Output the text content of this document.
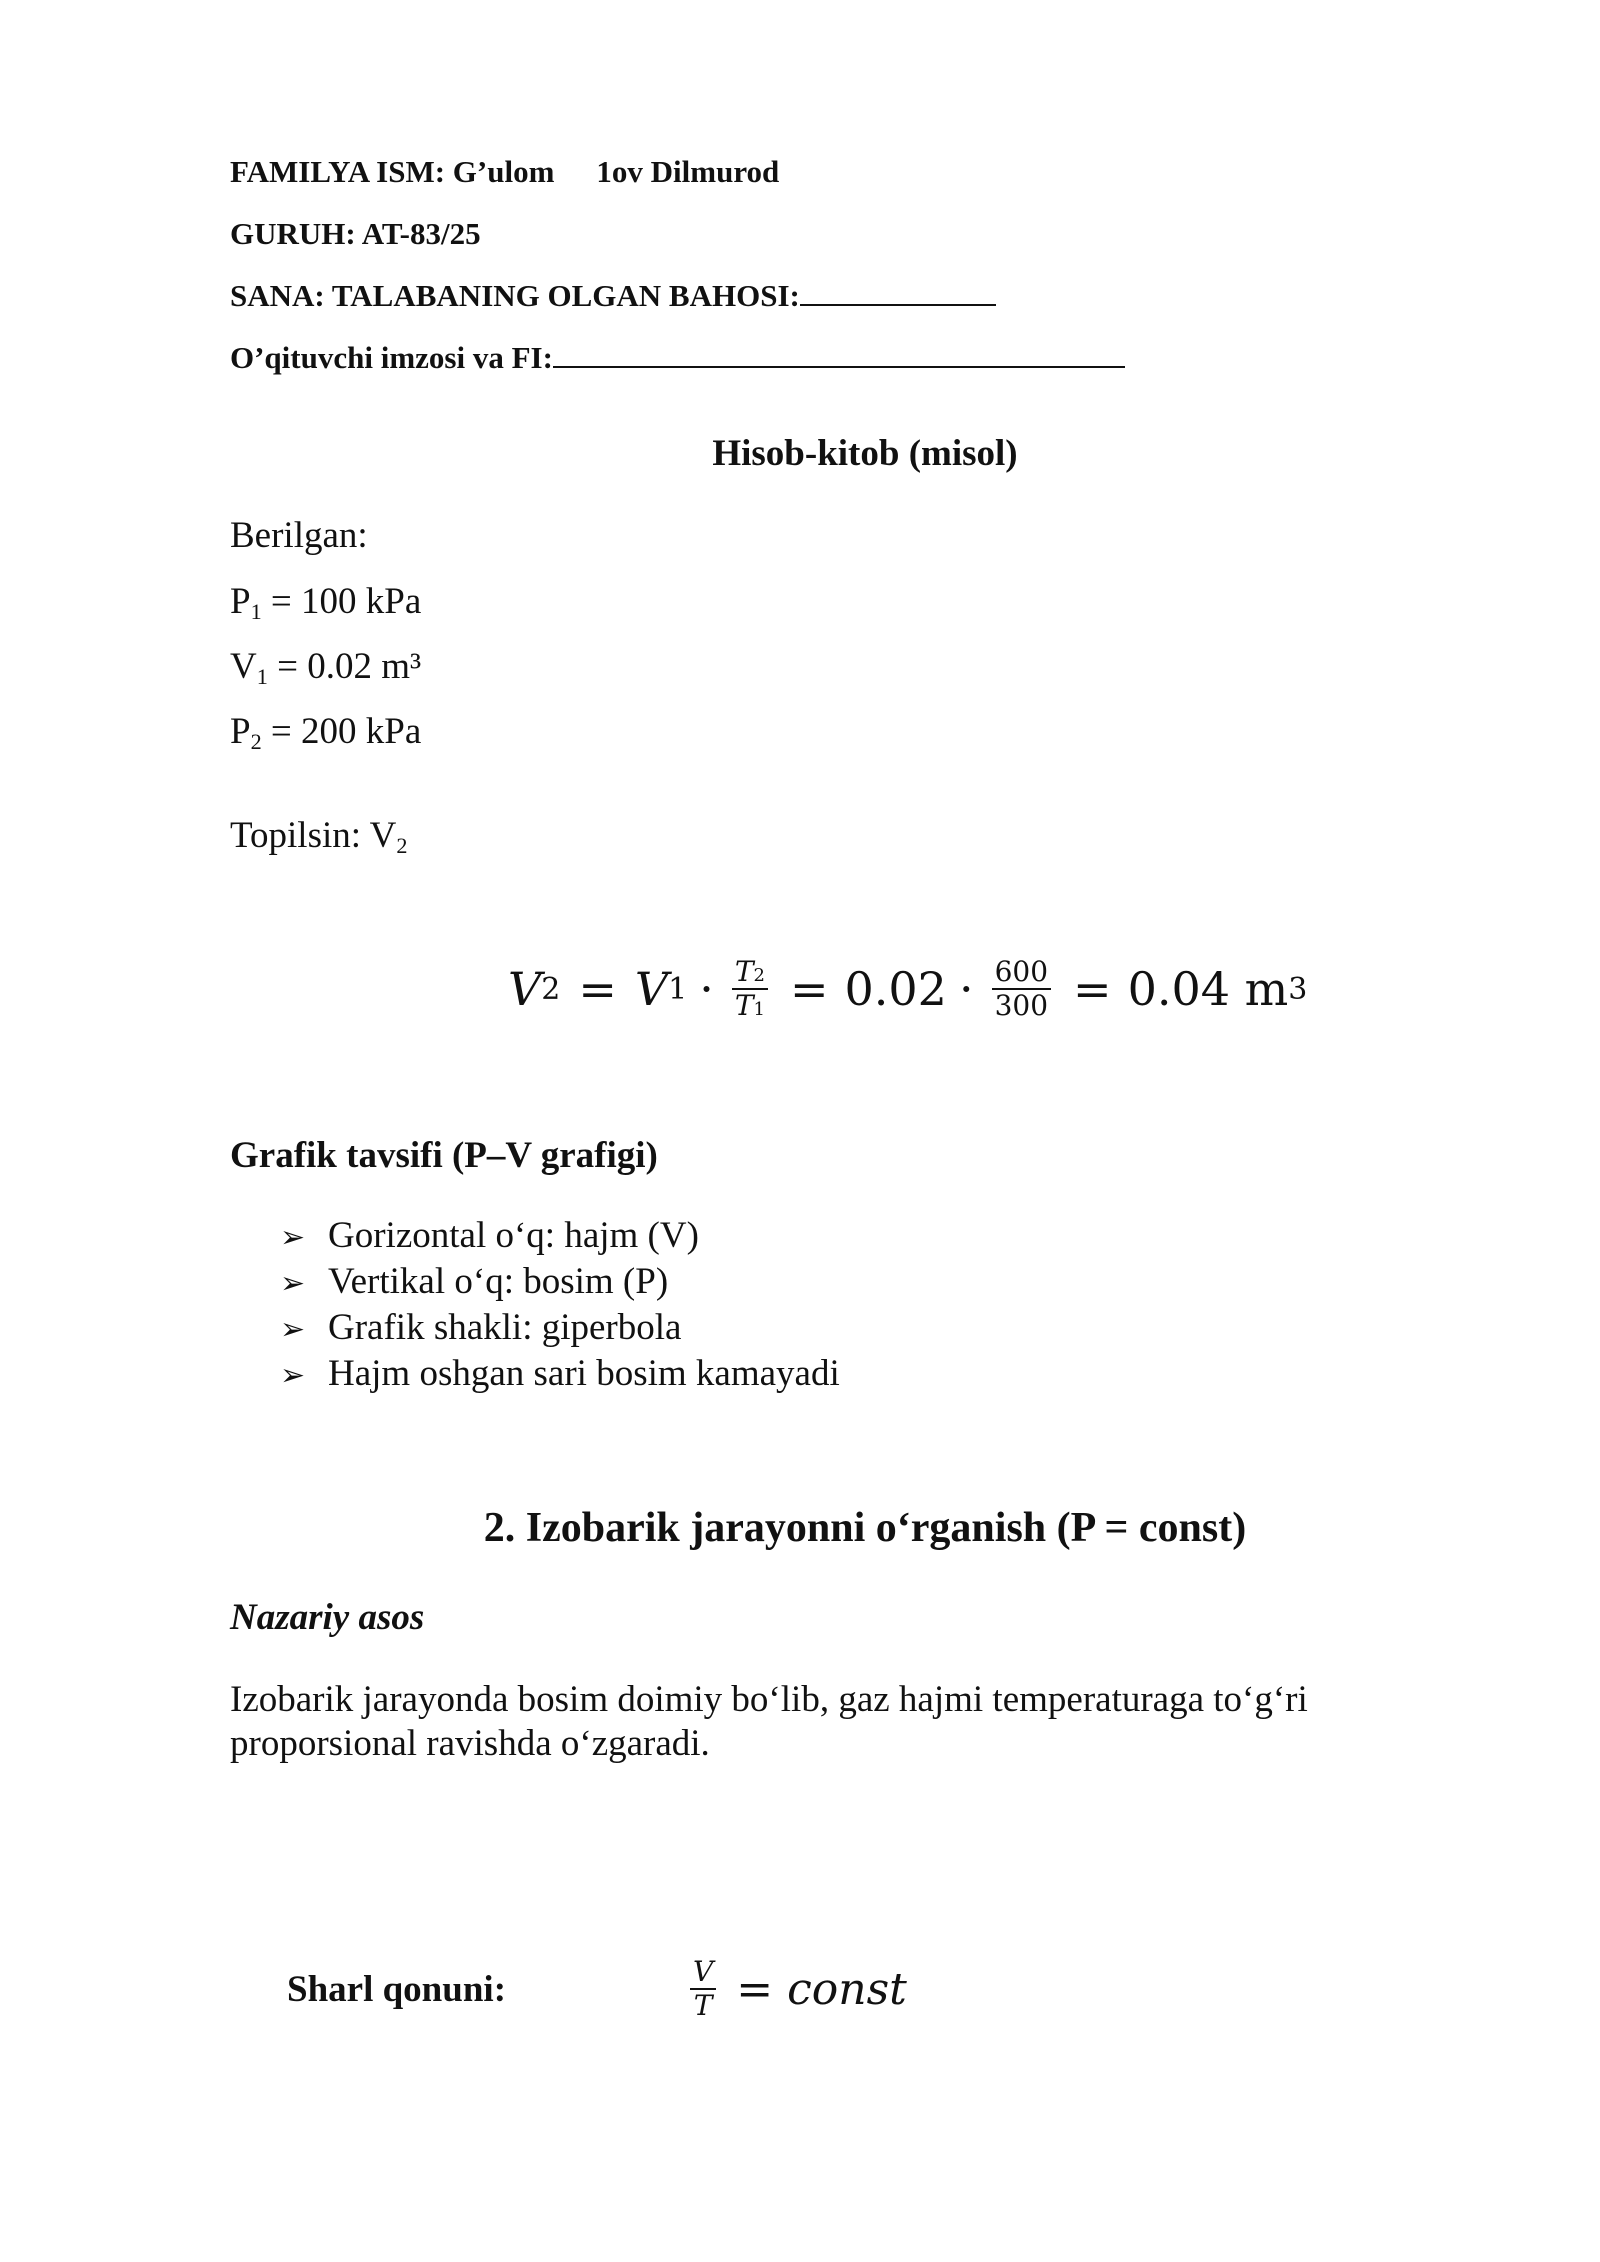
FAMILYA ISM: G’ulom 1ov Dilmurod
GURUH: AT-83/25
SANA: TALABANING OLGAN BAHOSI:
O’qituvchi imzosi va FI:
Hisob-kitob (misol)
Berilgan:
$P_1 = 100$ kPa
$V_1 = 0.02$ m³
$P_2 = 200$ kPa
Topilsin: $V_2$
V 2 = V $1 \cdot \frac{T2}{T1} = 0.02 \cdot \frac{600}{300} = 0.04$ m 3
Grafik tavsifi (P–V grafigi)
➢ Gorizontal o‘q: hajm (V)
➢ Vertikal o‘q: bosim (P)
➢ Grafik shakli: giperbola
➢ Hajm oshgan sari bosim kamayadi
2. Izobarik jarayonni o‘rganish (P = const)
Nazariy asos
Izobarik jarayonda bosim doimiy bo‘lib, gaz hajmi temperaturaga to‘g‘ri
proporsional ravishda o‘zgaradi.
Sharl qonuni:	$\frac{V}{T}$ = const
